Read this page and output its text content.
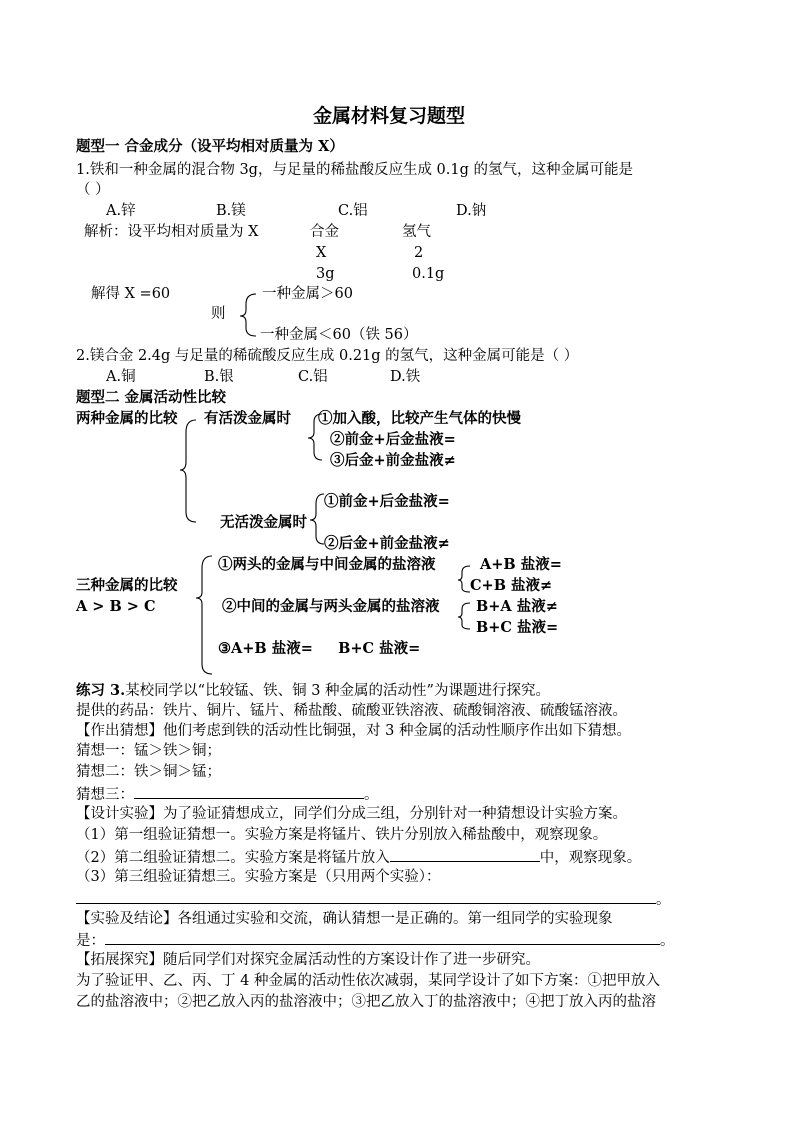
金属材料复习题型
题型一 合金成分（设平均相对质量为 X）
1.铁和一种金属的混合物 3g，与足量的稀盐酸反应生成 0.1g 的氢气，这种金属可能是
（ ）
A.锌	B.镁	C.铝	D.钠
解析：设平均相对质量为 X	合金	氢气
X	2
3g	0.1g
解得 X =60
则
一种金属＞60
一种金属＜60（铁 56）
2.镁合金 2.4g 与足量的稀硫酸反应生成 0.21g 的氢气，这种金属可能是（ ）
A.铜	B.银	C.铝	D.铁
题型二 金属活动性比较
两种金属的比较 有活泼金属时 ①加入酸，比较产生气体的快慢
②前金+后金盐液=
③后金+前金盐液≠
①前金+后金盐液=
无活泼金属时
②后金+前金盐液≠
①两头的金属与中间金属的盐溶液	A+B 盐液=
C+B 盐液≠
三种金属的比较
A > B > C	②中间的金属与两头金属的盐溶液	B+A 盐液≠
B+C 盐液=
③A+B 盐液=     B+C 盐液=
练习 3.某校同学以“比较锰、铁、铜 3 种金属的活动性”为课题进行探究。
提供的药品：铁片、铜片、锰片、稀盐酸、硫酸亚铁溶液、硫酸铜溶液、硫酸锰溶液。
【作出猜想】他们考虑到铁的活动性比铜强，对 3 种金属的活动性顺序作出如下猜想。
猜想一：锰＞铁＞铜；
猜想二：铁＞铜＞锰；
猜想三：	。
【设计实验】为了验证猜想成立，同学们分成三组，分别针对一种猜想设计实验方案。
（1）第一组验证猜想一。实验方案是将锰片、铁片分别放入稀盐酸中，观察现象。
（2）第二组验证猜想二。实验方案是将锰片放入	中，观察现象。
（3）第三组验证猜想三。实验方案是（只用两个实验）：
。
【实验及结论】各组通过实验和交流，确认猜想一是正确的。第一组同学的实验现象
是：	。
【拓展探究】随后同学们对探究金属活动性的方案设计作了进一步研究。
为了验证甲、乙、丙、丁 4 种金属的活动性依次减弱，某同学设计了如下方案：①把甲放入
乙的盐溶液中；②把乙放入丙的盐溶液中；③把乙放入丁的盐溶液中；④把丁放入丙的盐溶
